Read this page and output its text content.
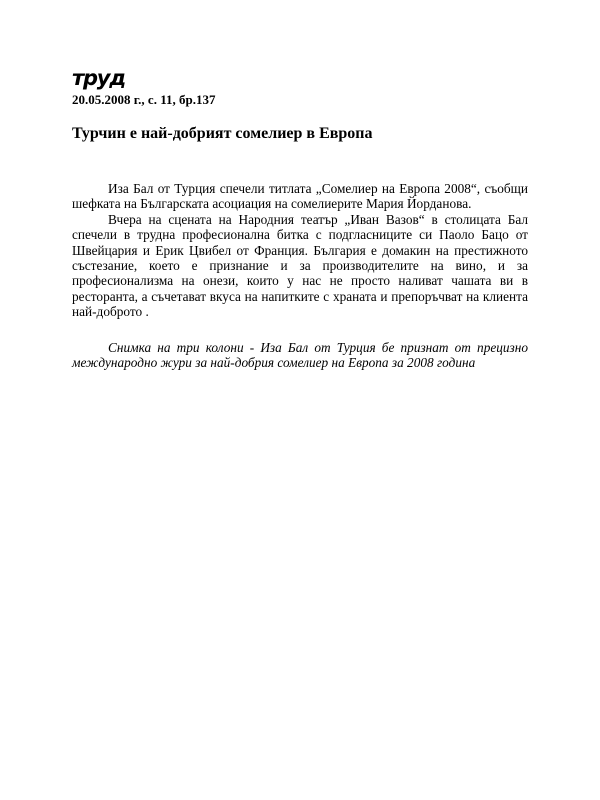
труд
20.05.2008 г., с. 11, бр.137
Турчин е най-добрият сомелиер в Европа

Иза Бал от Турция спечели титлата „Сомелиер на Европа 2008“, съобщи шефката на Българската асоциация на сомелиерите Мария Йорданова.

Вчера на сцената на Народния театър „Иван Вазов“ в столицата Бал спечели в трудна професионална битка с подгласниците си Паоло Бацо от Швейцария и Ерик Цвибел от Франция. България е домакин на престижното състезание, което е признание и за производителите на вино, и за професионализма на онези, които у нас не просто наливат чашата ви в ресторанта, а съчетават вкуса на напитките с храната и препоръчват на клиента най-доброто .

Снимка на три колони - Иза Бал от Турция бе признат от прецизно международно жури за най-добрия сомелиер на Европа за 2008 година
